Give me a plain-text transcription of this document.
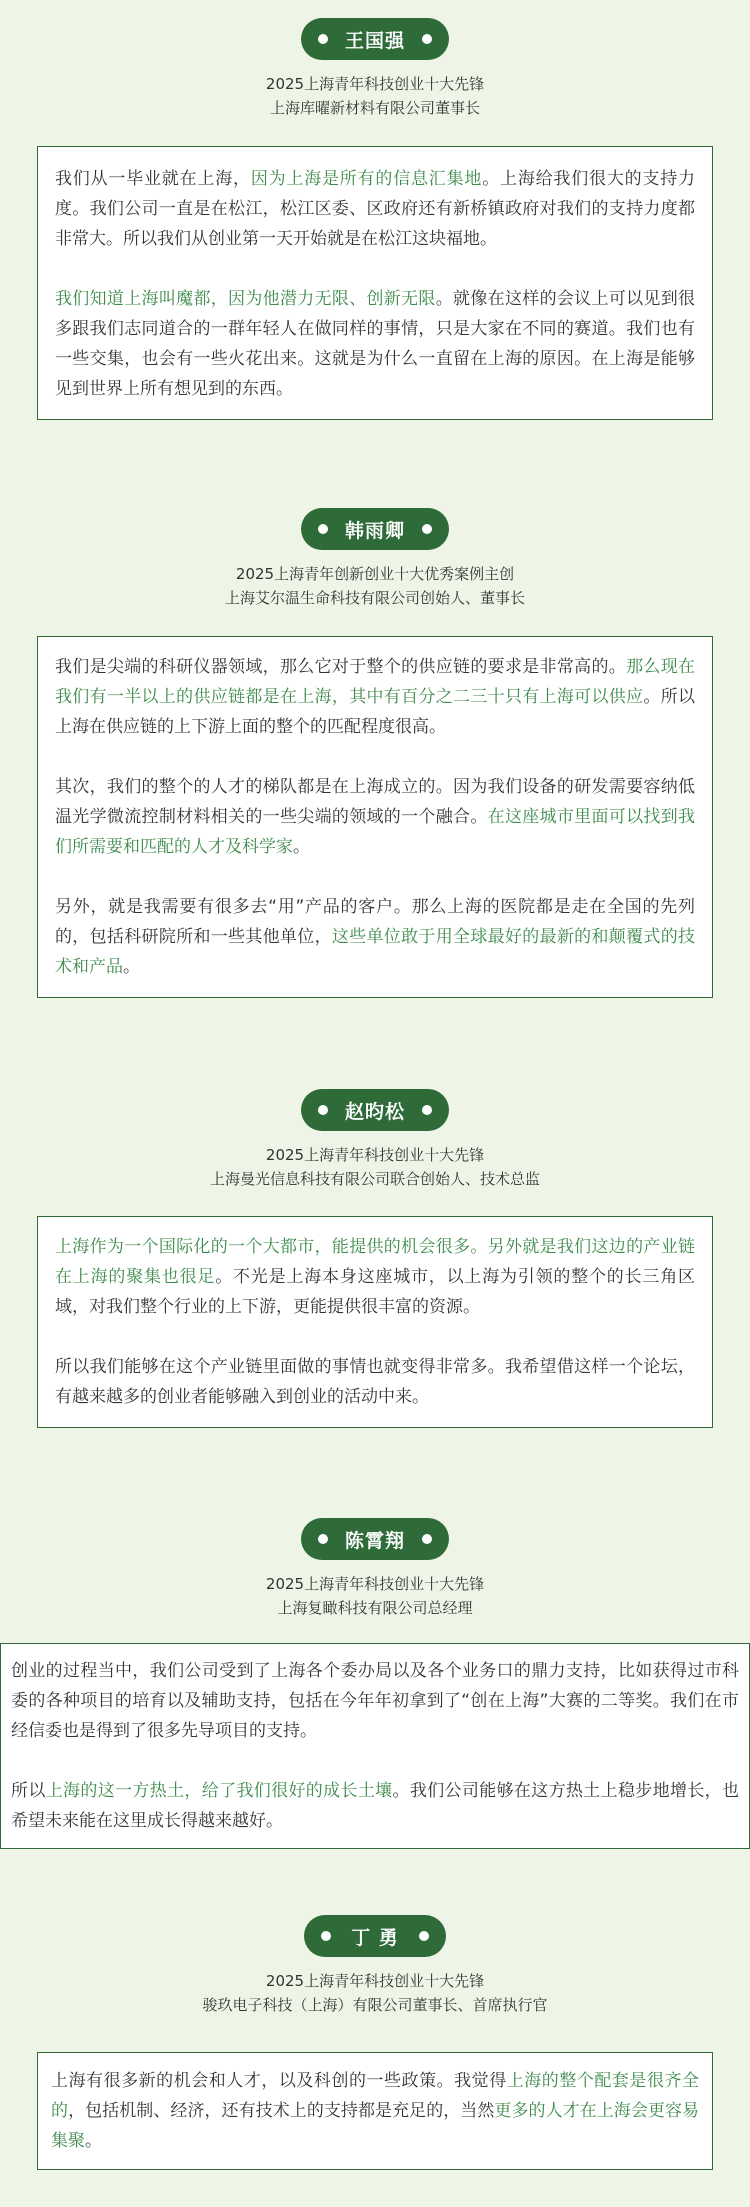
王国强
2025上海青年科技创业十大先锋
上海库曜新材料有限公司董事长

我们从一毕业就在上海，因为上海是所有的信息汇集地。上海给我们很大的支持力度。我们公司一直是在松江，松江区委、区政府还有新桥镇政府对我们的支持力度都非常大。所以我们从创业第一天开始就是在松江这块福地。

我们知道上海叫魔都，因为他潜力无限、创新无限。就像在这样的会议上可以见到很多跟我们志同道合的一群年轻人在做同样的事情，只是大家在不同的赛道。我们也有一些交集，也会有一些火花出来。这就是为什么一直留在上海的原因。在上海是能够见到世界上所有想见到的东西。

韩雨卿
2025上海青年创新创业十大优秀案例主创
上海艾尔温生命科技有限公司创始人、董事长

我们是尖端的科研仪器领域，那么它对于整个的供应链的要求是非常高的。那么现在我们有一半以上的供应链都是在上海，其中有百分之二三十只有上海可以供应。所以上海在供应链的上下游上面的整个的匹配程度很高。

其次，我们的整个的人才的梯队都是在上海成立的。因为我们设备的研发需要容纳低温光学微流控制材料相关的一些尖端的领域的一个融合。在这座城市里面可以找到我们所需要和匹配的人才及科学家。

另外，就是我需要有很多去“用”产品的客户。那么上海的医院都是走在全国的先列的，包括科研院所和一些其他单位，这些单位敢于用全球最好的最新的和颠覆式的技术和产品。

赵昀松
2025上海青年科技创业十大先锋
上海曼光信息科技有限公司联合创始人、技术总监

上海作为一个国际化的一个大都市，能提供的机会很多。另外就是我们这边的产业链在上海的聚集也很足。不光是上海本身这座城市，以上海为引领的整个的长三角区域，对我们整个行业的上下游，更能提供很丰富的资源。

所以我们能够在这个产业链里面做的事情也就变得非常多。我希望借这样一个论坛，有越来越多的创业者能够融入到创业的活动中来。

陈霄翔
2025上海青年科技创业十大先锋
上海复瞰科技有限公司总经理

创业的过程当中，我们公司受到了上海各个委办局以及各个业务口的鼎力支持，比如获得过市科委的各种项目的培育以及辅助支持，包括在今年年初拿到了“创在上海”大赛的二等奖。我们在市经信委也是得到了很多先导项目的支持。

所以上海的这一方热土，给了我们很好的成长土壤。我们公司能够在这方热土上稳步地增长，也希望未来能在这里成长得越来越好。

丁 勇
2025上海青年科技创业十大先锋
骏玖电子科技（上海）有限公司董事长、首席执行官

上海有很多新的机会和人才，以及科创的一些政策。我觉得上海的整个配套是很齐全的，包括机制、经济，还有技术上的支持都是充足的，当然更多的人才在上海会更容易集聚。
